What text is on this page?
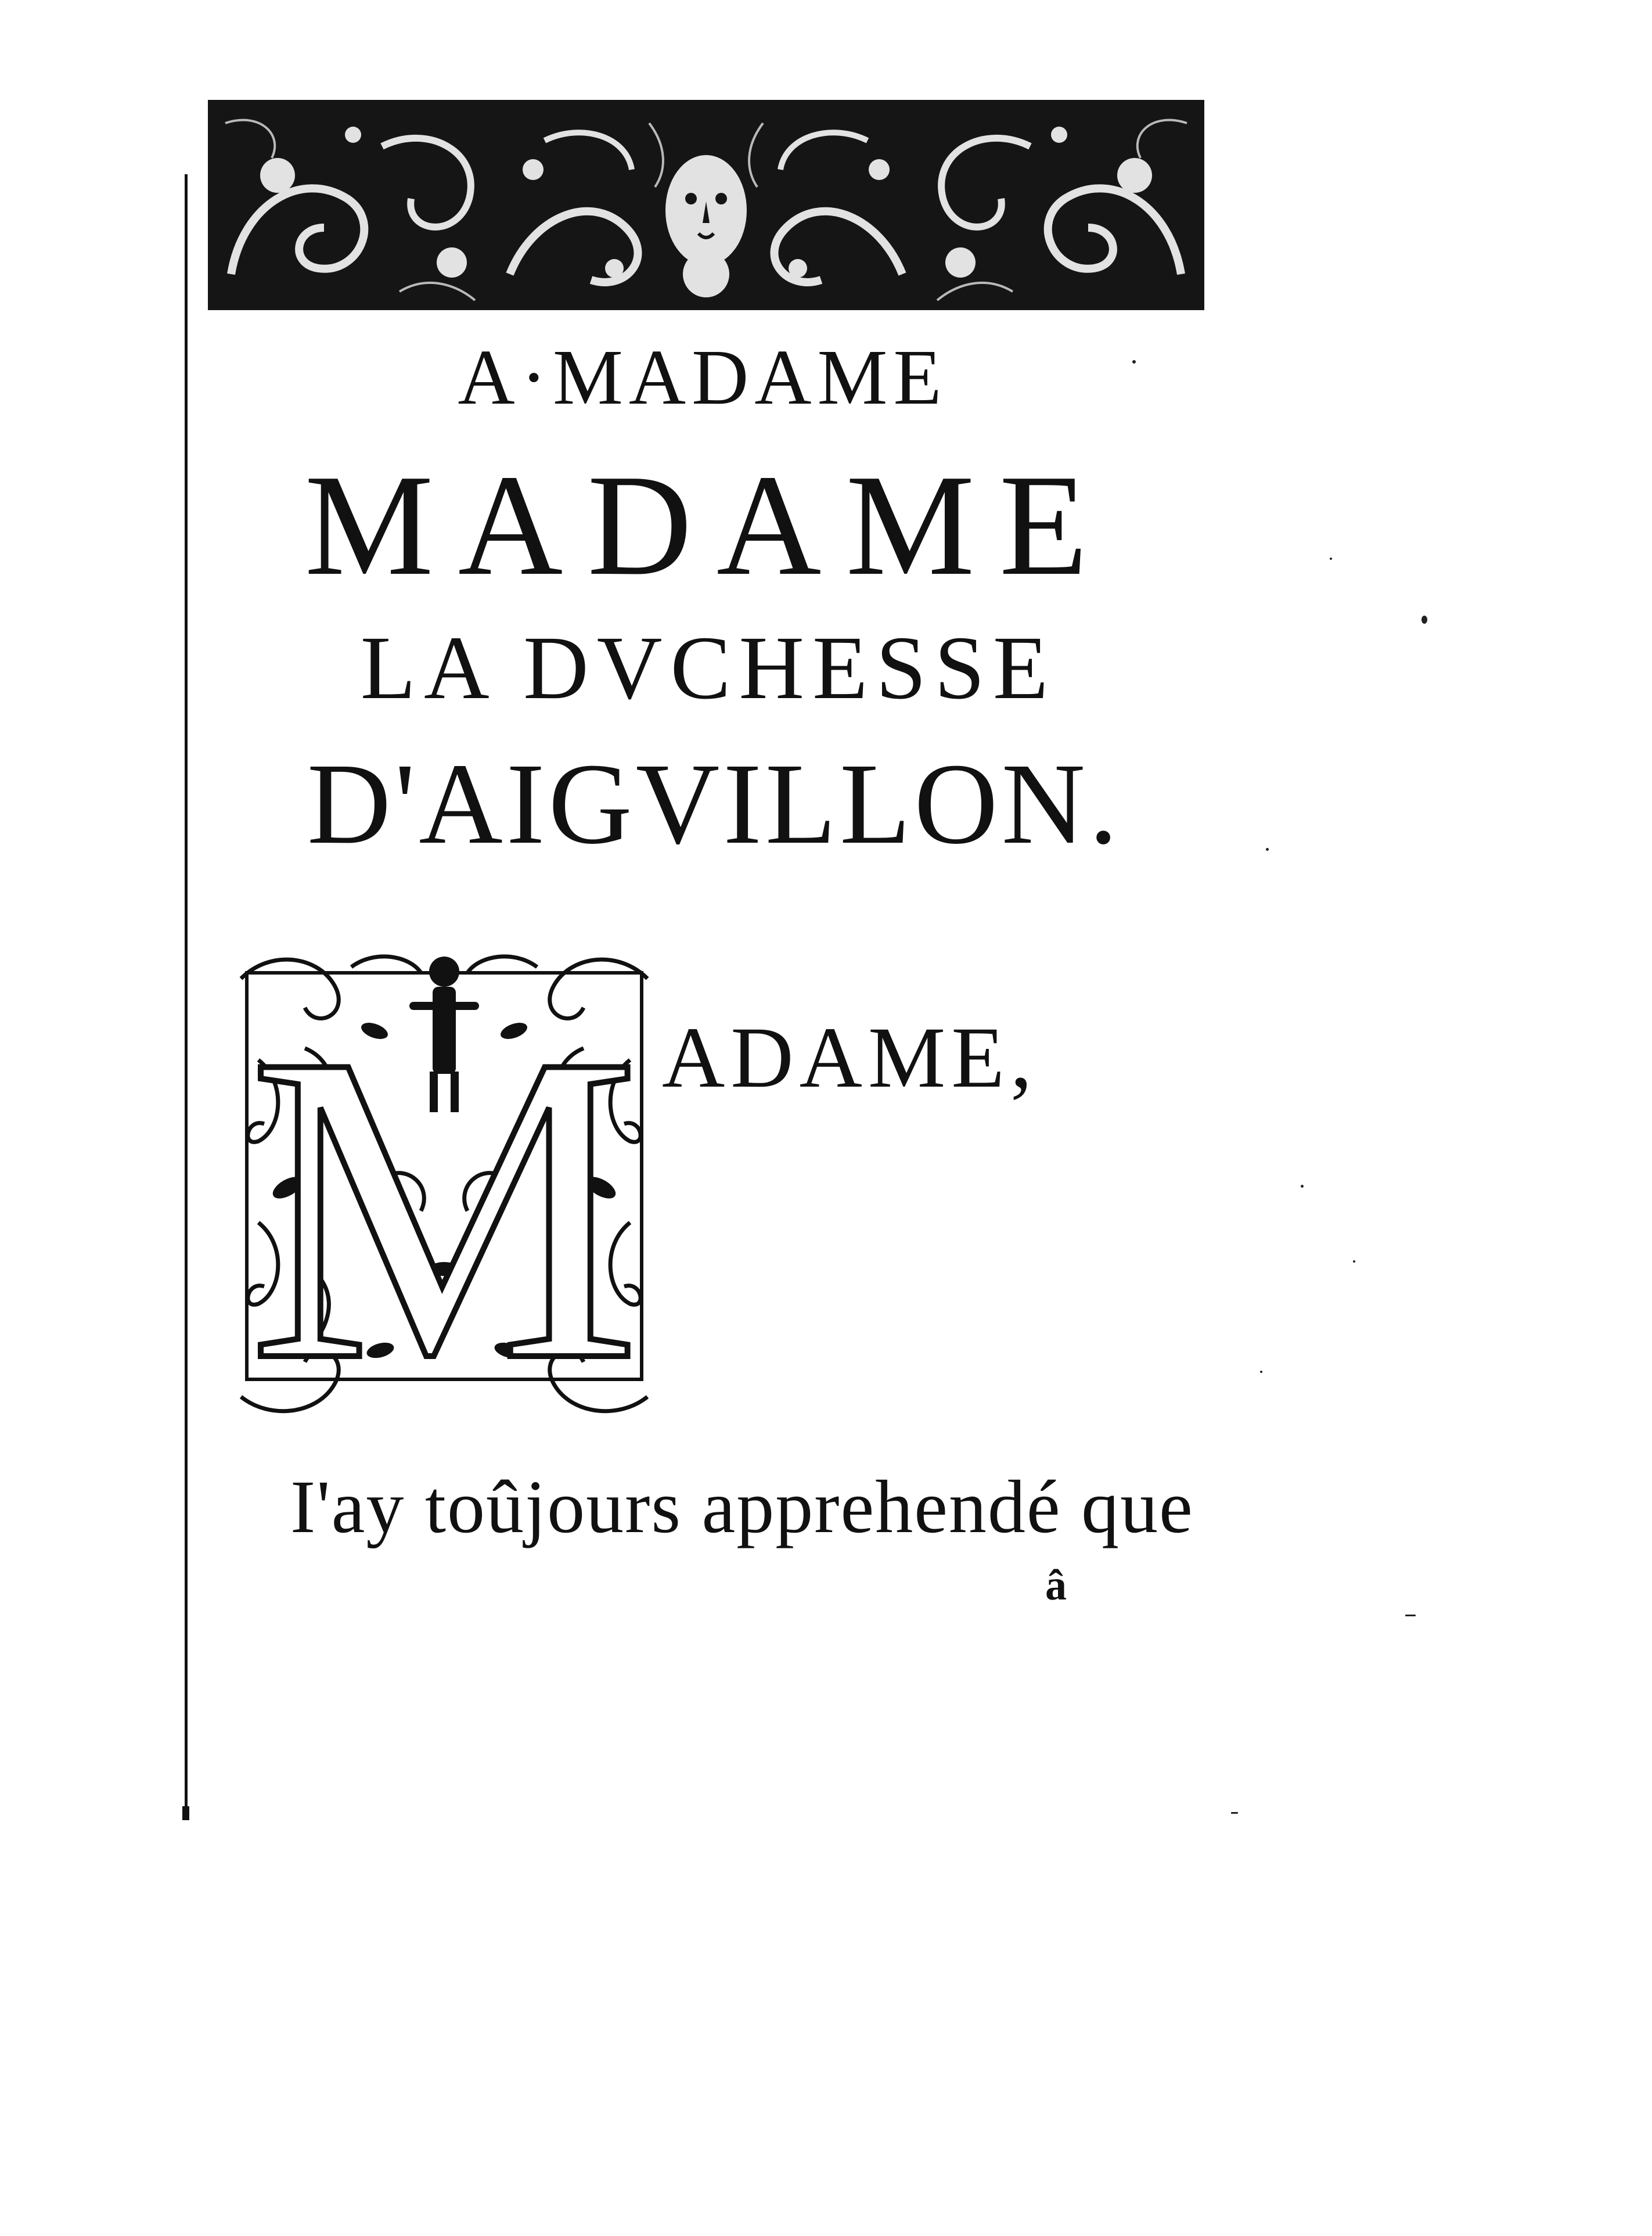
A·MADAME
MADAME
LA DVCHESSE
D'AIGVILLON.
M ADAME,
I'ay toûjours apprehendé que
â
